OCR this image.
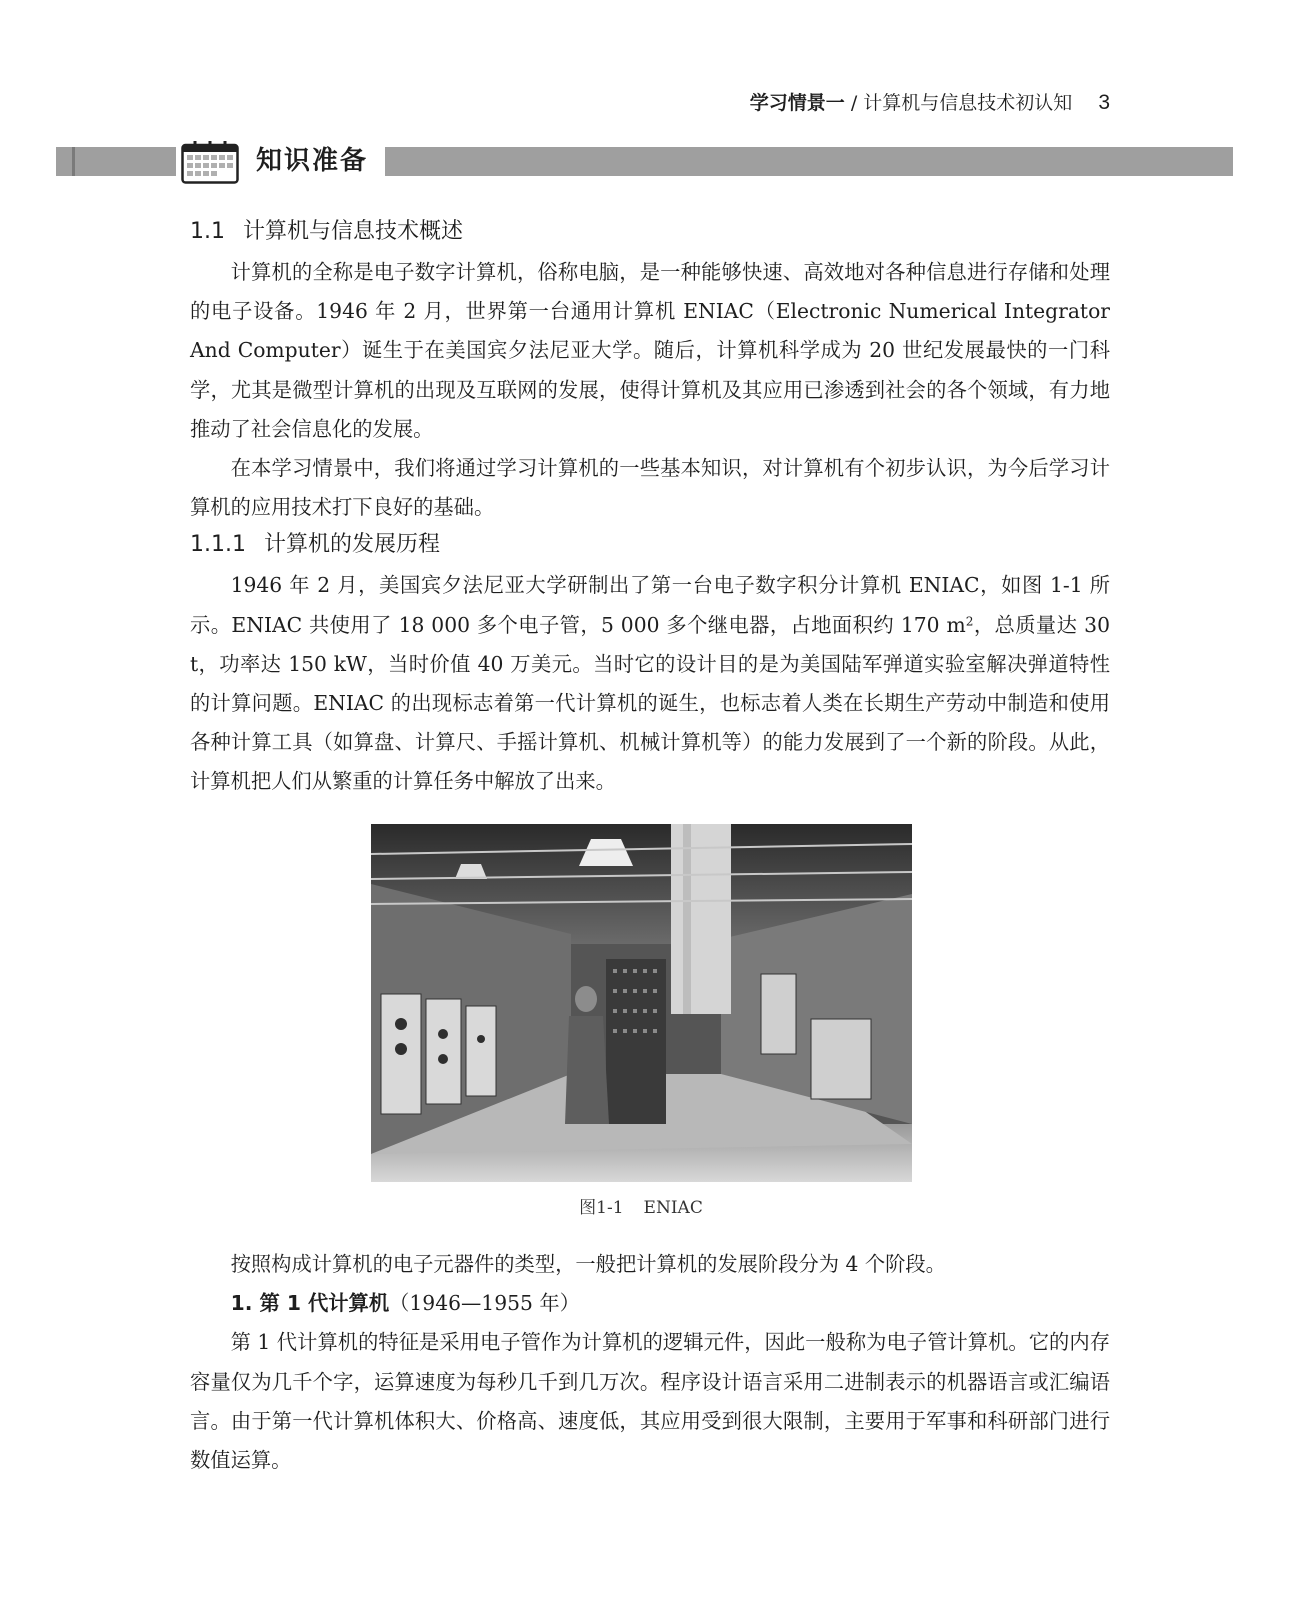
学习情景一 / 计算机与信息技术初认知 3
知识准备
1.1 计算机与信息技术概述

计算机的全称是电子数字计算机，俗称电脑，是一种能够快速、高效地对各种信息进行存储和处理的电子设备。1946 年 2 月，世界第一台通用计算机 ENIAC（Electronic Numerical Integrator And Computer）诞生于在美国宾夕法尼亚大学。随后，计算机科学成为 20 世纪发展最快的一门科学，尤其是微型计算机的出现及互联网的发展，使得计算机及其应用已渗透到社会的各个领域，有力地推动了社会信息化的发展。

在本学习情景中，我们将通过学习计算机的一些基本知识，对计算机有个初步认识，为今后学习计算机的应用技术打下良好的基础。

1.1.1 计算机的发展历程

1946 年 2 月，美国宾夕法尼亚大学研制出了第一台电子数字积分计算机 ENIAC，如图 1-1 所示。ENIAC 共使用了 18 000 多个电子管，5 000 多个继电器，占地面积约 170 $m^2$，总质量达 30 t，功率达 150 kW，当时价值 40 万美元。当时它的设计目的是为美国陆军弹道实验室解决弹道特性的计算问题。ENIAC 的出现标志着第一代计算机的诞生，也标志着人类在长期生产劳动中制造和使用各种计算工具（如算盘、计算尺、手摇计算机、机械计算机等）的能力发展到了一个新的阶段。从此，计算机把人们从繁重的计算任务中解放了出来。

图1-1 ENIAC

按照构成计算机的电子元器件的类型，一般把计算机的发展阶段分为 4 个阶段。

1. 第 1 代计算机（1946—1955 年）

第 1 代计算机的特征是采用电子管作为计算机的逻辑元件，因此一般称为电子管计算机。它的内存容量仅为几千个字，运算速度为每秒几千到几万次。程序设计语言采用二进制表示的机器语言或汇编语言。由于第一代计算机体积大、价格高、速度低，其应用受到很大限制，主要用于军事和科研部门进行数值运算。
